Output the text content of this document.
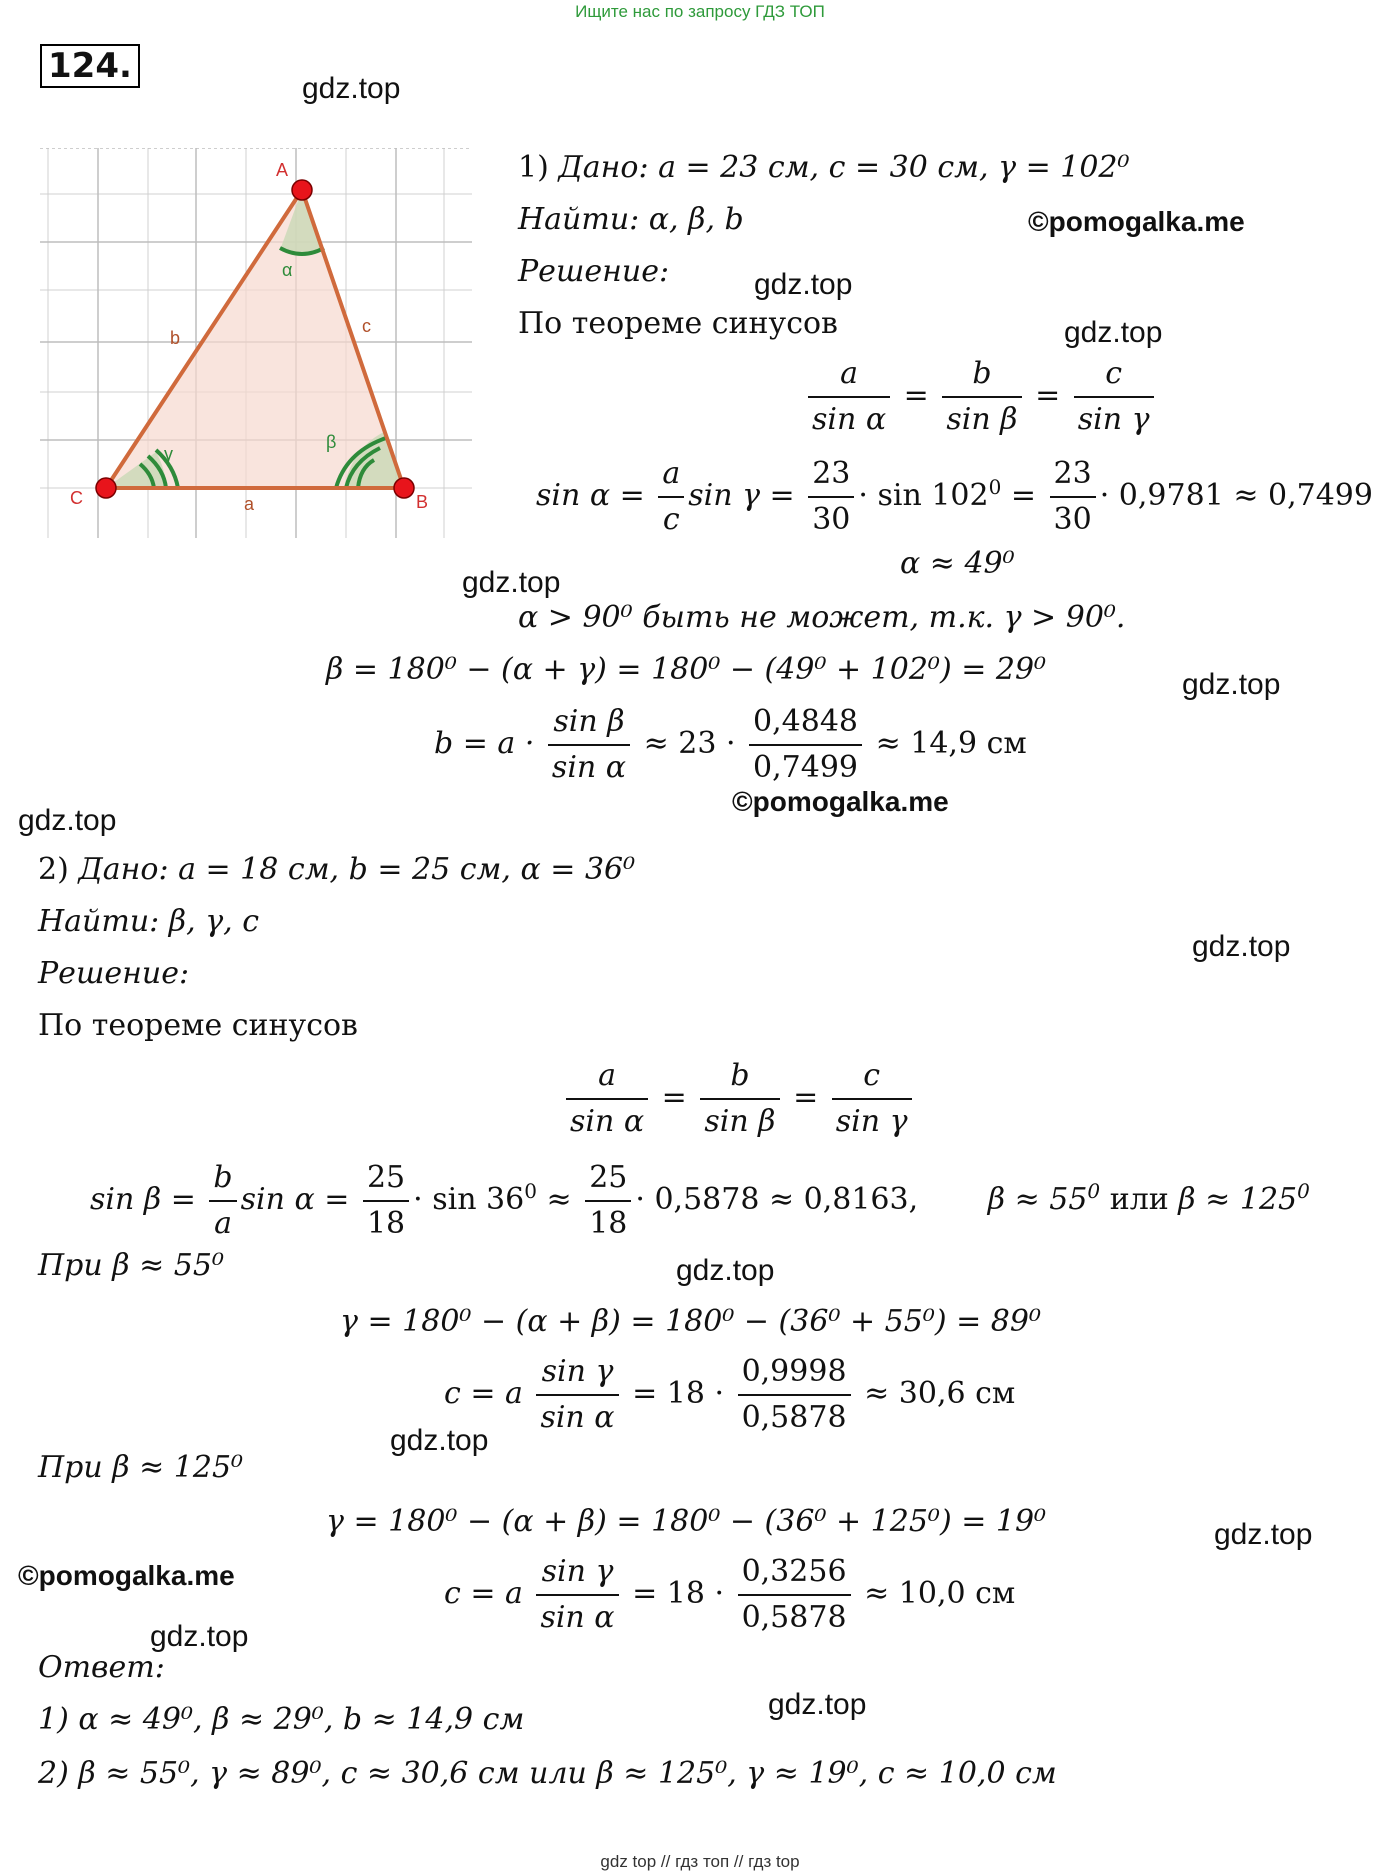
Ищите нас по запросу ГДЗ ТОП
124.
A
B
C	a
b
c
α
β
γ
gdz.top
gdz.top
gdz.top
gdz.top
gdz.top
gdz.top
gdz.top
gdz.top
gdz.top
gdz.top
gdz.top
gdz.top
©pomogalka.me
©pomogalka.me
©pomogalka.me
1) Дано: a = 23 см, c = 30 см, γ = 102⁰
Найти: α, β, b
Решение:
По теореме синусов
$\frac{a}{\text{sin α}} = \frac{b}{\text{sin β}} = \frac{c}{\text{sin γ}}$
$\sin \alpha = \frac{a}{c}$ $\sin \gamma = \frac{23}{30} \cdot \sin 102^0 = \frac{23}{30} \cdot 0,9781 \approx 0,7499$
α ≈ 49⁰
α > 90⁰ быть не может, т.к. γ > 90⁰.
β = 180⁰ − (α + γ) = 180⁰ − (49⁰ + 102⁰) = 29⁰
$b = a \cdot \frac{\text{sin β}}{\text{sin α}} \approx 23 \cdot \frac{0,4848}{0,7499} \approx 14,9$ см
2) Дано: a = 18 см, b = 25 см, α = 36⁰
Найти: β, γ, c
Решение:
По теореме синусов
$\frac{a}{\text{sin α}} = \frac{b}{\text{sin β}} = \frac{c}{\text{sin γ}}$
$\sin \beta = \frac{b}{a}$ $\sin \alpha = \frac{25}{18} \cdot \sin 36^0 \approx \frac{25}{18} \cdot 0,5878 \approx 0,8163$, $\beta \approx 55^0$ или $\beta \approx 125^0$
При β ≈ 55⁰
γ = 180⁰ − (α + β) = 180⁰ − (36⁰ + 55⁰) = 89⁰
c = a $\frac{\text{sin γ}}{\text{sin α}} = 18 \cdot \frac{0,9998}{0,5878} \approx 30,6$ см
При β ≈ 125⁰
γ = 180⁰ − (α + β) = 180⁰ − (36⁰ + 125⁰) = 19⁰
c = a $\frac{\text{sin γ}}{\text{sin α}} = 18 \cdot \frac{0,3256}{0,5878} \approx 10,0$ см
Ответ:
1) α ≈ 49⁰, β ≈ 29⁰, b ≈ 14,9 см
2) β ≈ 55⁰, γ ≈ 89⁰, c ≈ 30,6 см или β ≈ 125⁰, γ ≈ 19⁰, c ≈ 10,0 см
gdz top // гдз топ // гдз top
